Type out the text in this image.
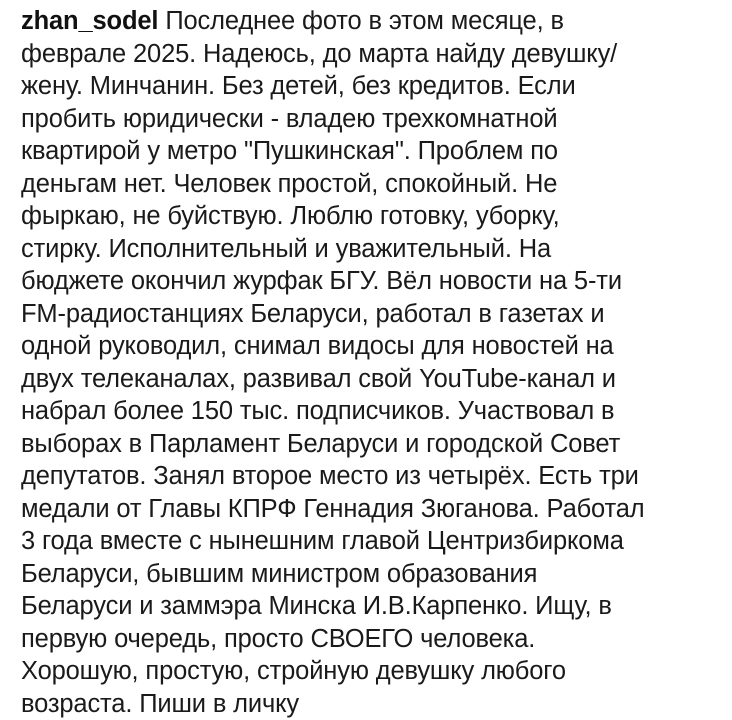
zhan_sodel Последнее фото в этом месяце, в
феврале 2025. Надеюсь, до марта найду девушку/
жену. Минчанин. Без детей, без кредитов. Если
пробить юридически - владею трехкомнатной
квартирой у метро "Пушкинская". Проблем по
деньгам нет. Человек простой, спокойный. Не
фыркаю, не буйствую. Люблю готовку, уборку,
стирку. Исполнительный и уважительный. На
бюджете окончил журфак БГУ. Вёл новости на 5-ти
FM-радиостанциях Беларуси, работал в газетах и
одной руководил, снимал видосы для новостей на
двух телеканалах, развивал свой YouTube-канал и
набрал более 150 тыс. подписчиков. Участвовал в
выборах в Парламент Беларуси и городской Совет
депутатов. Занял второе место из четырёх. Есть три
медали от Главы КПРФ Геннадия Зюганова. Работал
3 года вместе с нынешним главой Центризбиркома
Беларуси, бывшим министром образования
Беларуси и заммэра Минска И.В.Карпенко. Ищу, в
первую очередь, просто СВОЕГО человека.
Хорошую, простую, стройную девушку любого
возраста. Пиши в личку
